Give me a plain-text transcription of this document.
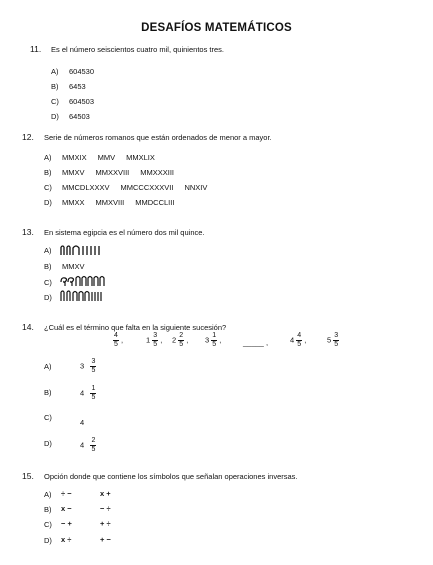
DESAFÍOS MATEMÁTICOS
11. Es el número seiscientos cuatro mil, quinientos tres.
A) 604530
B) 6453
C) 604503
D) 64503
12. Serie de números romanos que están ordenados de menor a mayor.
A) MMXIX MMV MMXLIX
B) MMXV MMXXVIII MMXXXIII
C) MMCDLXXXV MMCCCXXXVII NNXIV
D) MMXX MMXVIII MMDCCLIII
13. En sistema egipcia es el número dos mil quince.
A)
B) MMXV
C)
D)
14. ¿Cuál es el término que falta en la siguiente sucesión?
$\frac{4}{5}$ ,	$1 \frac{3}{5}$ , $2 \frac{2}{5}$ , $3 \frac{1}{5}$ ,	_____ ,	$4 \frac{4}{5}$ ,	$5 \frac{3}{5}$
A)	$3 \frac{3}{5}$
B)	$4 \frac{1}{5}$
C)
4
D)	$4 \frac{2}{5}$
15. Opción donde que contiene los símbolos que señalan operaciones inversas.
A) ÷ −	x +
B) x −	− ÷
C) − +	+ ÷
D) x ÷	+ −
